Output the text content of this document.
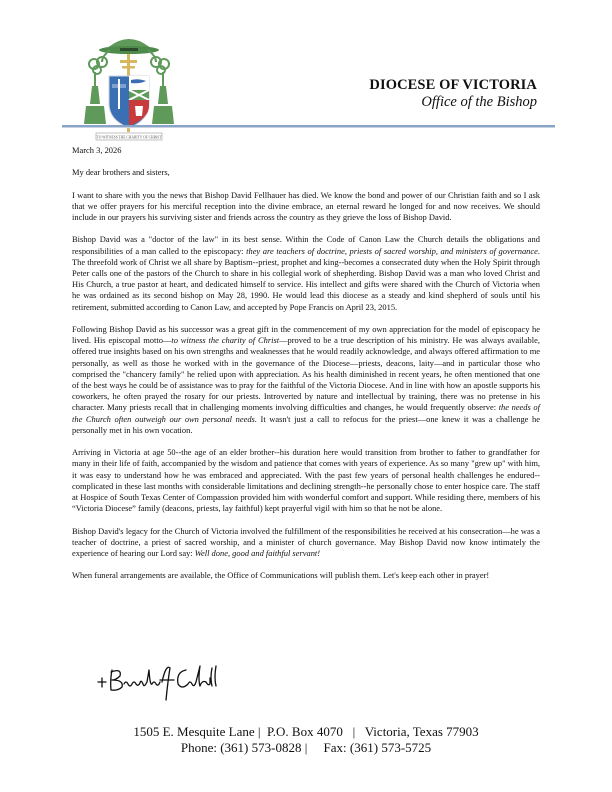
TO WITNESS THE CHARITY OF CHRIST
DIOCESE OF VICTORIA
Office of the Bishop

March 3, 2026

My dear brothers and sisters,

I want to share with you the news that Bishop David Fellhauer has died. We know the bond and power of our Christian faith and so I ask that we offer prayers for his merciful reception into the divine embrace, an eternal reward he longed for and now receives. We should include in our prayers his surviving sister and friends across the country as they grieve the loss of Bishop David.

Bishop David was a "doctor of the law" in its best sense. Within the Code of Canon Law the Church details the obligations and responsibilities of a man called to the episcopacy: they are teachers of doctrine, priests of sacred worship, and ministers of governance. The threefold work of Christ we all share by Baptism--priest, prophet and king--becomes a consecrated duty when the Holy Spirit through Peter calls one of the pastors of the Church to share in his collegial work of shepherding. Bishop David was a man who loved Christ and His Church, a true pastor at heart, and dedicated himself to service. His intellect and gifts were shared with the Church of Victoria when he was ordained as its second bishop on May 28, 1990. He would lead this diocese as a steady and kind shepherd of souls until his retirement, submitted according to Canon Law, and accepted by Pope Francis on April 23, 2015.

Following Bishop David as his successor was a great gift in the commencement of my own appreciation for the model of episcopacy he lived. His episcopal motto—to witness the charity of Christ—proved to be a true description of his ministry. He was always available, offered true insights based on his own strengths and weaknesses that he would readily acknowledge, and always offered affirmation to me personally, as well as those he worked with in the governance of the Diocese—priests, deacons, laity—and in particular those who comprised the "chancery family" he relied upon with appreciation. As his health diminished in recent years, he often mentioned that one of the best ways he could be of assistance was to pray for the faithful of the Victoria Diocese. And in line with how an apostle supports his coworkers, he often prayed the rosary for our priests. Introverted by nature and intellectual by training, there was no pretense in his character. Many priests recall that in challenging moments involving difficulties and changes, he would frequently observe: the needs of the Church often outweigh our own personal needs. It wasn't just a call to refocus for the priest—one knew it was a challenge he personally met in his own vocation.

Arriving in Victoria at age 50--the age of an elder brother--his duration here would transition from brother to father to grandfather for many in their life of faith, accompanied by the wisdom and patience that comes with years of experience. As so many "grew up" with him, it was easy to understand how he was embraced and appreciated. With the past few years of personal health challenges he endured--complicated in these last months with considerable limitations and declining strength--he personally chose to enter hospice care. The staff at Hospice of South Texas Center of Compassion provided him with wonderful comfort and support. While residing there, members of his “Victoria Diocese” family (deacons, priests, lay faithful) kept prayerful vigil with him so that he not be alone.

Bishop David's legacy for the Church of Victoria involved the fulfillment of the responsibilities he received at his consecration—he was a teacher of doctrine, a priest of sacred worship, and a minister of church governance. May Bishop David now know intimately the experience of hearing our Lord say: Well done, good and faithful servant!

When funeral arrangements are available, the Office of Communications will publish them. Let's keep each other in prayer!

1505 E. Mesquite Lane |  P.O. Box 4070   |   Victoria, Texas 77903
Phone: (361) 573-0828 |     Fax: (361) 573-5725
